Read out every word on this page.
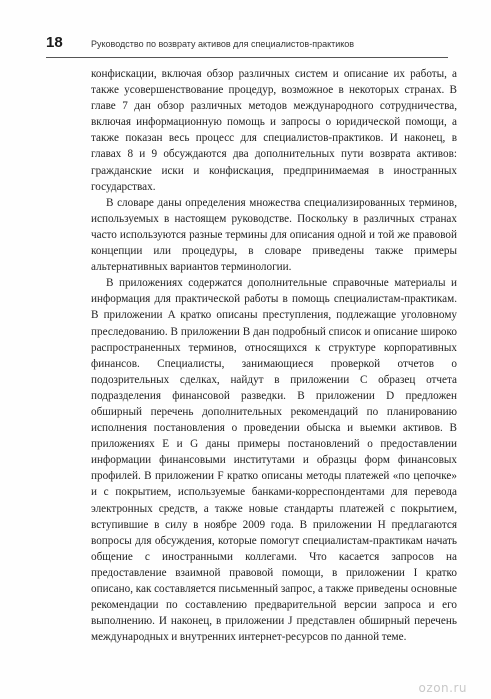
18	Руководство по возврату активов для специалистов-практиков

конфискации, включая обзор различных систем и описание их работы, а также усовершенствование процедур, возможное в некоторых странах. В главе 7 дан обзор различных методов международного сотрудничества, включая информационную помощь и запросы о юридической помощи, а также показан весь процесс для специалистов-практиков. И наконец, в главах 8 и 9 обсуждаются два дополнительных пути возврата активов: гражданские иски и конфискация, предпринимаемая в иностранных государствах.

В словаре даны определения множества специализированных терминов, используемых в настоящем руководстве. Поскольку в различных странах часто используются разные термины для описания одной и той же правовой концепции или процедуры, в словаре приведены также примеры альтернативных вариантов терминологии.

В приложениях содержатся дополнительные справочные материалы и информация для практической работы в помощь специалистам-практикам. В приложении A кратко описаны преступления, подлежащие уголовному преследованию. В приложении B дан подробный список и описание широко распространенных терминов, относящихся к структуре корпоративных финансов. Специалисты, занимающиеся проверкой отчетов о подозрительных сделках, найдут в приложении C образец отчета подразделения финансовой разведки. В приложении D предложен обширный перечень дополнительных рекомендаций по планированию исполнения постановления о проведении обыска и выемки активов. В приложениях E и G даны примеры постановлений о предоставлении информации финансовыми институтами и образцы форм финансовых профилей. В приложении F кратко описаны методы платежей «по цепочке» и с покрытием, используемые банками-корреспондентами для перевода электронных средств, а также новые стандарты платежей с покрытием, вступившие в силу в ноябре 2009 года. В приложении H предлагаются вопросы для обсуждения, которые помогут специалистам-практикам начать общение с иностранными коллегами. Что касается запросов на предоставление взаимной правовой помощи, в приложении I кратко описано, как составляется письменный запрос, а также приведены основные рекомендации по составлению предварительной версии запроса и его выполнению. И наконец, в приложении J представлен обширный перечень международных и внутренних интернет-ресурсов по данной теме.

ozon.ru
